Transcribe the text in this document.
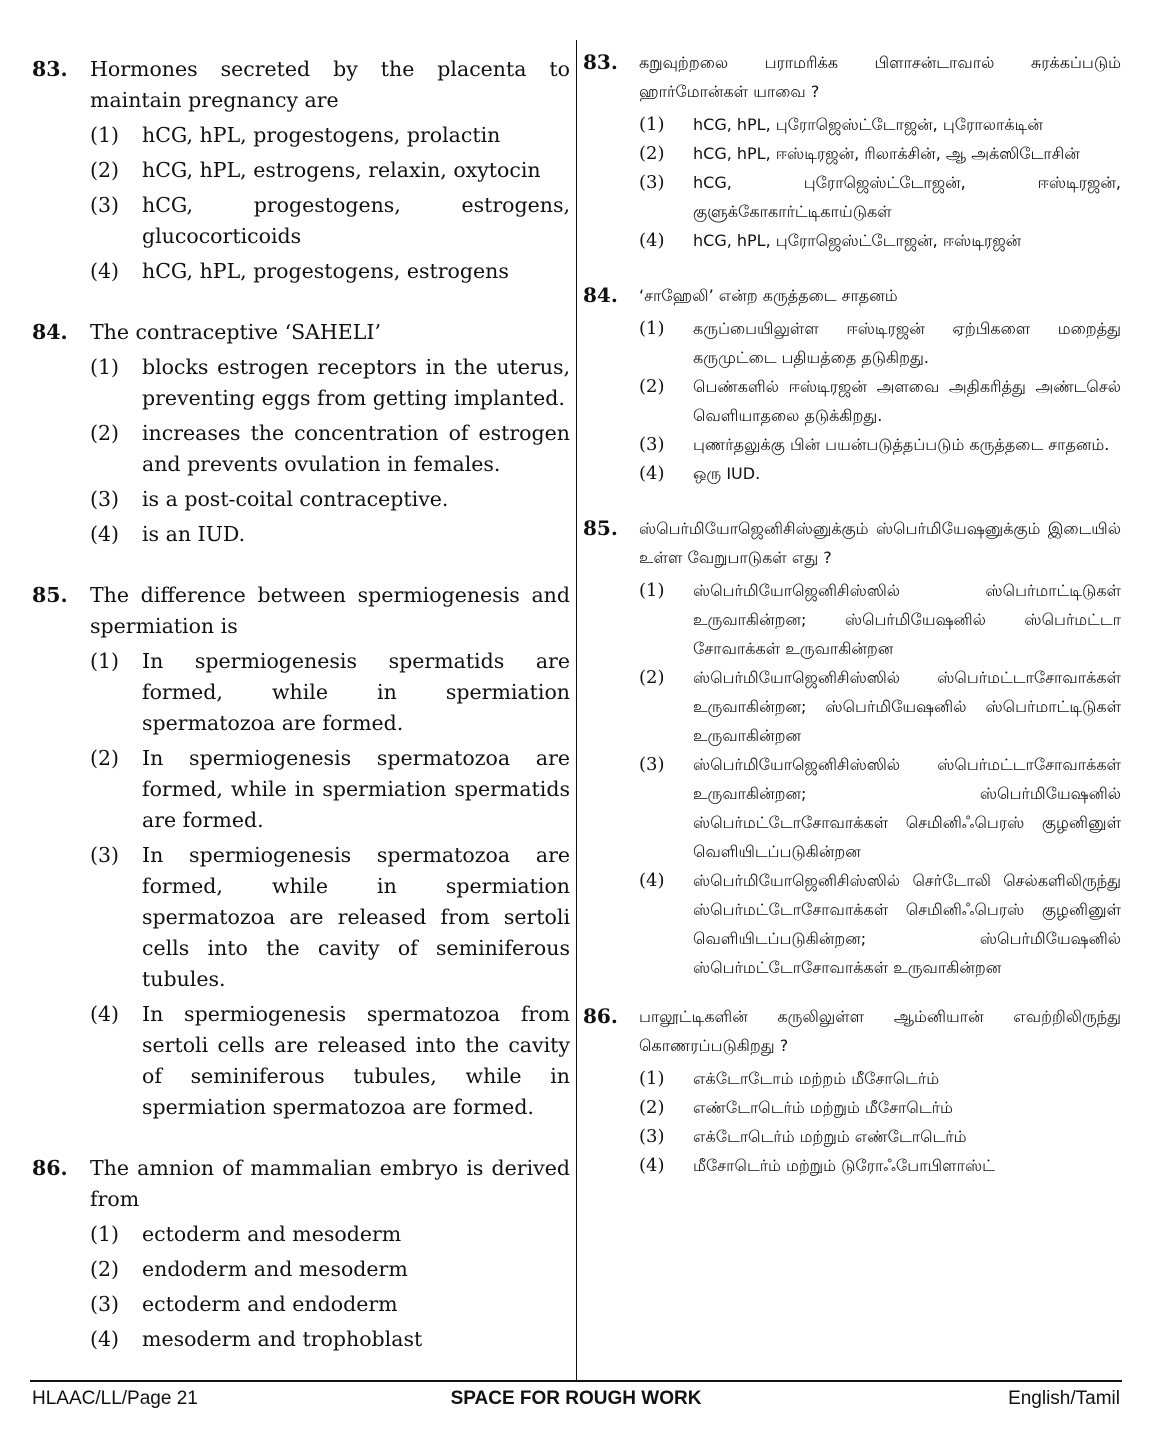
83. Hormones secreted by the placenta to maintain pregnancy are
(1) hCG, hPL, progestogens, prolactin
(2) hCG, hPL, estrogens, relaxin, oxytocin
(3) hCG, progestogens, estrogens, glucocorticoids
(4) hCG, hPL, progestogens, estrogens
84. The contraceptive ‘SAHELI’
(1) blocks estrogen receptors in the uterus, preventing eggs from getting implanted.
(2) increases the concentration of estrogen and prevents ovulation in females.
(3) is a post-coital contraceptive.
(4) is an IUD.
85. The difference between spermiogenesis and spermiation is
(1) In spermiogenesis spermatids are formed, while in spermiation spermatozoa are formed.
(2) In spermiogenesis spermatozoa are formed, while in spermiation spermatids are formed.
(3) In spermiogenesis spermatozoa are formed, while in spermiation spermatozoa are released from sertoli cells into the cavity of seminiferous tubules.
(4) In spermiogenesis spermatozoa from sertoli cells are released into the cavity of seminiferous tubules, while in spermiation spermatozoa are formed.
86. The amnion of mammalian embryo is derived from
(1) ectoderm and mesoderm
(2) endoderm and mesoderm
(3) ectoderm and endoderm
(4) mesoderm and trophoblast
83. கறுவுற்றலை பராமரிக்க பிளாசன்டாவால் சுரக்கப்படும் ஹார்மோன்கள் யாவை ?
(1) hCG, hPL, புரோஜெஸ்ட்டோஜன், புரோலாக்டின்
(2) hCG, hPL, ஈஸ்டிரஜன், ரிலாக்சின், ஆ அக்ஸிடோசின்
(3) hCG, புரோஜெஸ்ட்டோஜன், ஈஸ்டிரஜன், குளுக்கோகார்ட்டிகாய்டுகள்
(4) hCG, hPL, புரோஜெஸ்ட்டோஜன், ஈஸ்டிரஜன்
84. ‘சாஹேலி’ என்ற கருத்தடை சாதனம்
(1) கருப்பையிலுள்ள ஈஸ்டிரஜன் ஏற்பிகளை மறைத்து கருமுட்டை பதியத்தை தடுகிறது.
(2) பெண்களில் ஈஸ்டிரஜன் அளவை அதிகரித்து அண்டசெல் வெளியாதலை தடுக்கிறது.
(3) புணர்தலுக்கு பின் பயன்படுத்தப்படும் கருத்தடை சாதனம்.
(4) ஒரு IUD.
85. ஸ்பெர்மியோஜெனிசிஸ்னுக்கும் ஸ்பெர்மியேஷனுக்கும் இடையில் உள்ள வேறுபாடுகள் எது ?
(1) ஸ்பெர்மியோஜெனிசிஸ்ஸில் ஸ்பெர்மாட்டிடுகள் உருவாகின்றன; ஸ்பெர்மியேஷனில் ஸ்பெர்மட்டா சோவாக்கள் உருவாகின்றன
(2) ஸ்பெர்மியோஜெனிசிஸ்ஸில் ஸ்பெர்மட்டாசோவாக்கள் உருவாகின்றன; ஸ்பெர்மியேஷனில் ஸ்பெர்மாட்டிடுகள் உருவாகின்றன
(3) ஸ்பெர்மியோஜெனிசிஸ்ஸில் ஸ்பெர்மட்டாசோவாக்கள் உருவாகின்றன; ஸ்பெர்மியேஷனில் ஸ்பெர்மட்டோசோவாக்கள் செமினிஃபெரஸ் குழனினுள் வெளியிடப்படுகின்றன
(4) ஸ்பெர்மியோஜெனிசிஸ்ஸில் செர்டோலி செல்களிலிருந்து ஸ்பெர்மட்டோசோவாக்கள் செமினிஃபெரஸ் குழனினுள் வெளியிடப்படுகின்றன; ஸ்பெர்மியேஷனில் ஸ்பெர்மட்டோசோவாக்கள் உருவாகின்றன
86. பாலூட்டிகளின் கருலிலுள்ள ஆம்னியான் எவற்றிலிருந்து கொணரப்படுகிறது ?
(1) எக்டோடோம் மற்றம் மீசோடெர்ம்
(2) எண்டோடெர்ம் மற்றும் மீசோடெர்ம்
(3) எக்டோடெர்ம் மற்றும் எண்டோடெர்ம்
(4) மீசோடெர்ம் மற்றும் டுரோஃபோபிளாஸ்ட்
HLAAC/LL/Page 21	SPACE FOR ROUGH WORK	English/Tamil
